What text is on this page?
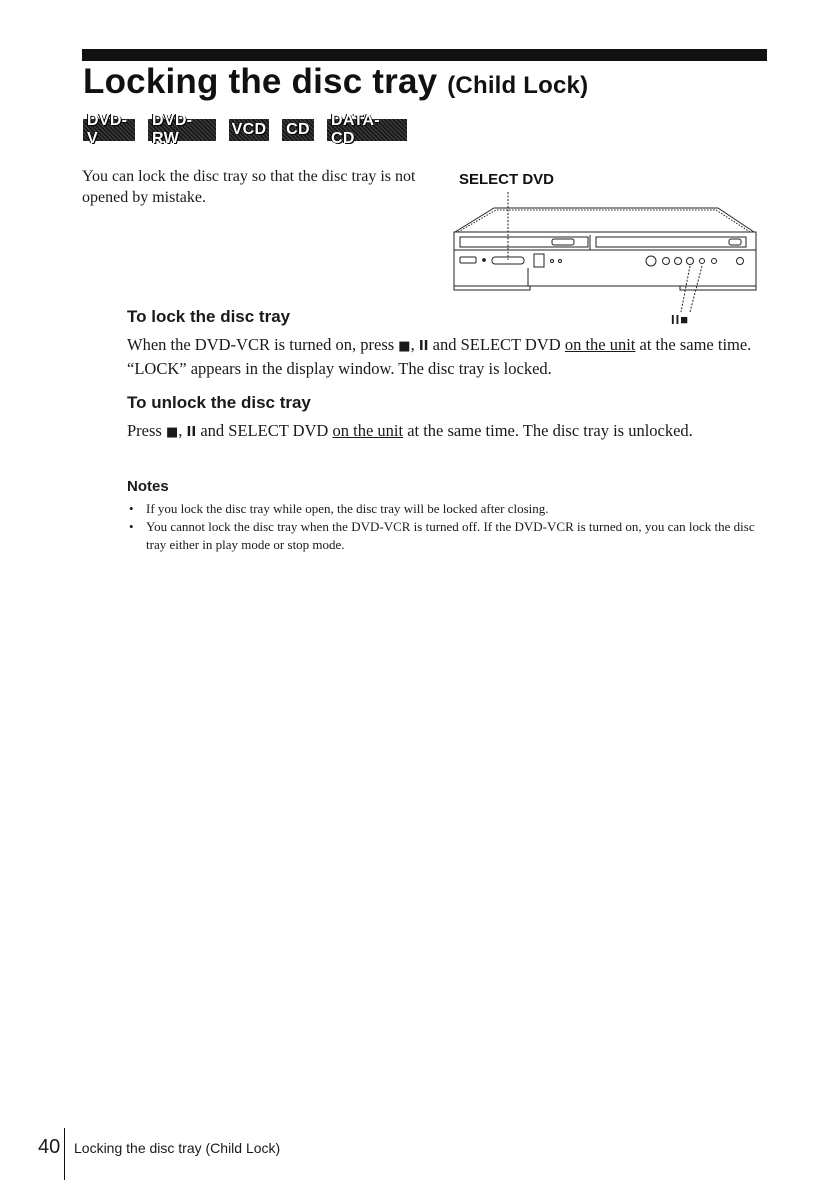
Locking the disc tray (Child Lock)
DVD-V
DVD-RW
VCD CD
DATA-CD

You can lock the disc tray so that the disc tray is not opened by mistake.

SELECT DVD
II■
To lock the disc tray

When the DVD-VCR is turned on, press ■, II and SELECT DVD on the unit at the same time. “LOCK” appears in the display window. The disc tray is locked.

To unlock the disc tray

Press ■, II and SELECT DVD on the unit at the same time. The disc tray is unlocked.

Notes
• If you lock the disc tray while open, the disc tray will be locked after closing.
• You cannot lock the disc tray when the DVD-VCR is turned off. If the DVD-VCR is turned on, you can lock the disc tray either in play mode or stop mode.
40 Locking the disc tray (Child Lock)
